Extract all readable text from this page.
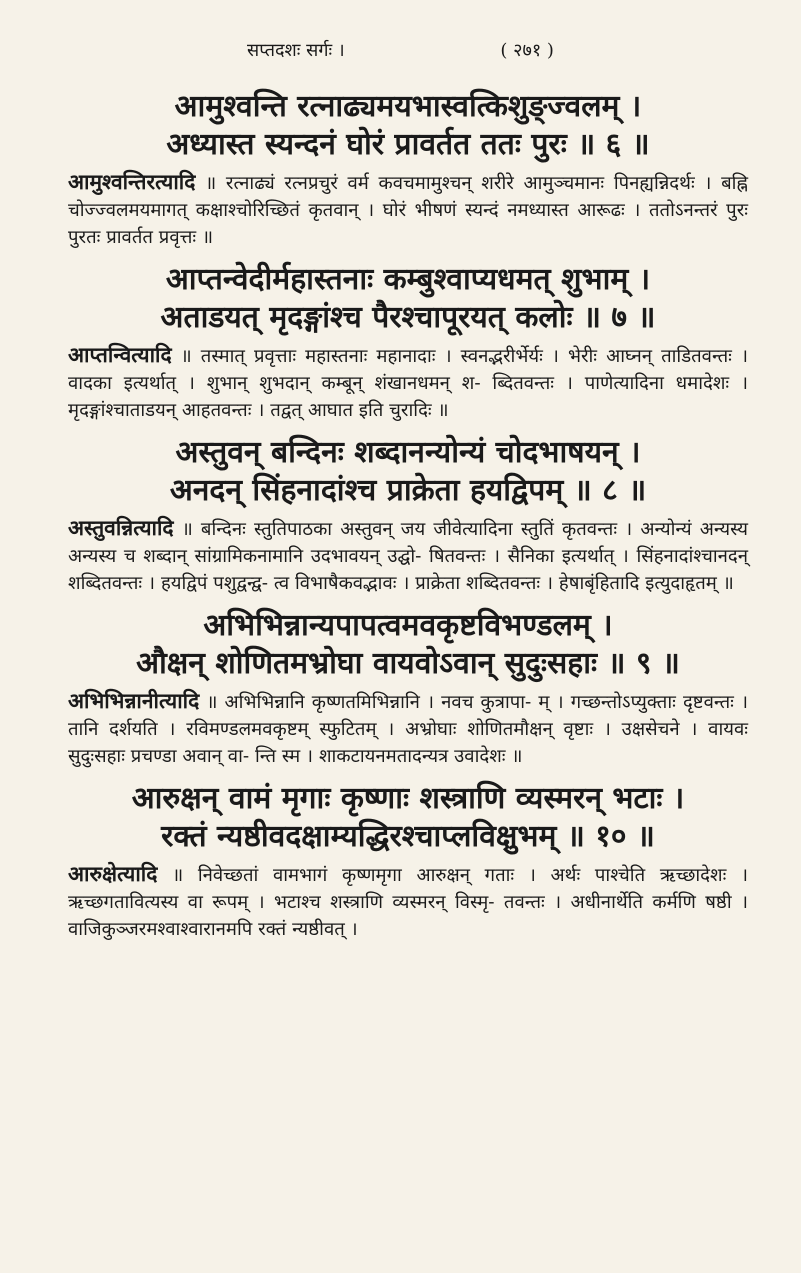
सप्तदशः सर्गः ।	( २७१ )

आमुश्वन्ति रत्नाढ्यमयभास्वत्किशुङ्ज्वलम् ।

अध्यास्त स्यन्दनं घोरं प्रावर्तत ततः पुरः ॥ ६ ॥

आमुश्वन्तिरत्यादि ॥ रत्नाढ्यं रत्नप्रचुरं वर्म कवचमामुश्चन् शरीरे आमुञ्चमानः पिनह्यन्निदर्थः । बह्नि चोज्ज्वलमयमागत् कक्षाश्चोरिच्छितं कृतवान् । घोरं भीषणं स्यन्दं नमध्यास्त आरूढः । ततोऽनन्तरं पुरः पुरतः प्रावर्तत प्रवृत्तः ॥

आप्तन्वेदीर्महास्तनाः कम्बुश्वाप्यधमत् शुभाम् ।

अताडयत् मृदङ्गांश्च पैरश्चापूरयत् कलोः ॥ ७ ॥

आप्तन्वित्यादि ॥ तस्मात् प्रवृत्ताः महास्तनाः महानादाः । स्वनद्भरीर्भेर्यः । भेरीः आघ्नन् ताडितवन्तः । वादका इत्यर्थात् । शुभान् शुभदान् कम्बून् शंखानधमन् श- ब्दितवन्तः । पाणेत्यादिना धमादेशः । मृदङ्गांश्चाताडयन् आहतवन्तः । तद्वत् आघात इति चुरादिः ॥

अस्तुवन् बन्दिनः शब्दानन्योन्यं चोदभाषयन् ।

अनदन् सिंहनादांश्च प्राक्रेता हयद्विपम् ॥ ८ ॥

अस्तुवन्नित्यादि ॥ बन्दिनः स्तुतिपाठका अस्तुवन् जय जीवेत्यादिना स्तुतिं कृतवन्तः । अन्योन्यं अन्यस्य अन्यस्य च शब्दान् सांग्रामिकनामानि उदभावयन् उद्घो- षितवन्तः । सैनिका इत्यर्थात् । सिंहनादांश्चानदन् शब्दितवन्तः । हयद्विपं पशुद्वन्द्व- त्व विभाषैकवद्भावः । प्राक्रेता शब्दितवन्तः । हेषाबृंहितादि इत्युदाहृतम् ॥

अभिभिन्नान्यपापत्वमवकृष्टविभण्डलम् ।

औक्षन् शोणितमभ्रोघा वायवोऽवान् सुदुःसहाः ॥ ९ ॥

अभिभिन्नानीत्यादि ॥ अभिभिन्नानि कृष्णतमिभिन्नानि । नवच कुत्रापा- म् । गच्छन्तोऽप्युक्ताः दृष्टवन्तः । तानि दर्शयति । रविमण्डलमवकृष्टम् स्फुटितम् । अभ्रोघाः शोणितमौक्षन् वृष्टाः । उक्षसेचने । वायवः सुदुःसहाः प्रचण्डा अवान् वा- न्ति स्म । शाकटायनमतादन्यत्र उवादेशः ॥

आरुक्षन् वामं मृगाः कृष्णाः शस्त्राणि व्यस्मरन् भटाः ।

रक्तं न्यष्ठीवदक्षाम्यद्धिरश्चाप्लविक्षुभम् ॥ १० ॥

आरुक्षेत्यादि ॥ निवेच्छतां वामभागं कृष्णमृगा आरुक्षन् गताः । अर्थः पाश्चेति ऋच्छादेशः । ऋच्छगतावित्यस्य वा रूपम् । भटाश्च शस्त्राणि व्यस्मरन् विस्मृ- तवन्तः । अधीनार्थेति कर्मणि षष्ठी । वाजिकुञ्जरमश्वाश्वारानमपि रक्तं न्यष्ठीवत् ।
